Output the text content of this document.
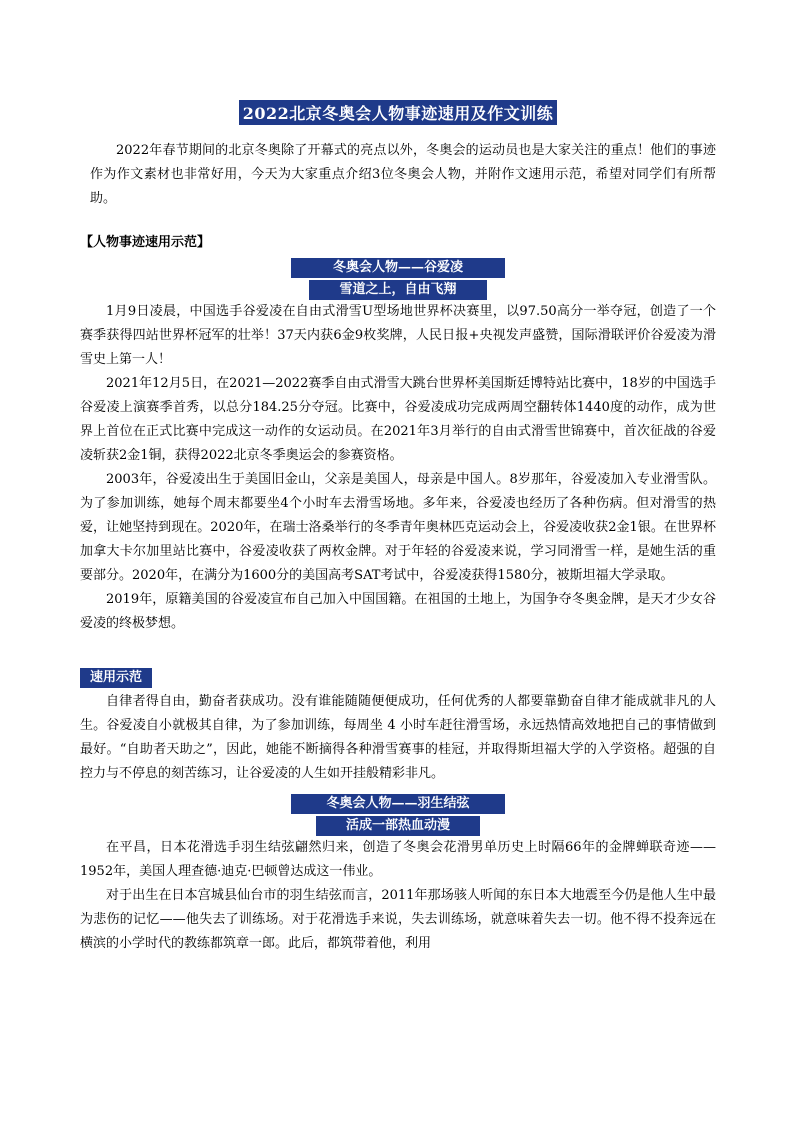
2022北京冬奥会人物事迹速用及作文训练

2022年春节期间的北京冬奥除了开幕式的亮点以外，冬奥会的运动员也是大家关注的重点！他们的事迹作为作文素材也非常好用，今天为大家重点介绍3位冬奥会人物，并附作文速用示范，希望对同学们有所帮助。

【人物事迹速用示范】
冬奥会人物——谷爱凌
雪道之上，自由飞翔

1月9日凌晨，中国选手谷爱凌在自由式滑雪U型场地世界杯决赛里，以97.50高分一举夺冠，创造了一个赛季获得四站世界杯冠军的壮举！37天内获6金9枚奖牌，人民日报+央视发声盛赞，国际滑联评价谷爱凌为滑雪史上第一人！

2021年12月5日，在2021—2022赛季自由式滑雪大跳台世界杯美国斯廷博特站比赛中，18岁的中国选手谷爱凌上演赛季首秀，以总分184.25分夺冠。比赛中，谷爱凌成功完成两周空翻转体1440度的动作，成为世界上首位在正式比赛中完成这一动作的女运动员。在2021年3月举行的自由式滑雪世锦赛中，首次征战的谷爱凌斩获2金1铜，获得2022北京冬季奥运会的参赛资格。

2003年，谷爱凌出生于美国旧金山，父亲是美国人，母亲是中国人。8岁那年，谷爱凌加入专业滑雪队。为了参加训练，她每个周末都要坐4个小时车去滑雪场地。多年来，谷爱凌也经历了各种伤病。但对滑雪的热爱，让她坚持到现在。2020年，在瑞士洛桑举行的冬季青年奥林匹克运动会上，谷爱凌收获2金1银。在世界杯加拿大卡尔加里站比赛中，谷爱凌收获了两枚金牌。对于年轻的谷爱凌来说，学习同滑雪一样，是她生活的重要部分。2020年，在满分为1600分的美国高考SAT考试中，谷爱凌获得1580分，被斯坦福大学录取。

2019年，原籍美国的谷爱凌宣布自己加入中国国籍。在祖国的土地上，为国争夺冬奥金牌，是天才少女谷爱凌的终极梦想。

速用示范

自律者得自由，勤奋者获成功。没有谁能随随便便成功，任何优秀的人都要靠勤奋自律才能成就非凡的人生。谷爱凌自小就极其自律，为了参加训练，每周坐 4 小时车赶往滑雪场，永远热情高效地把自己的事情做到最好。“自助者天助之”，因此，她能不断摘得各种滑雪赛事的桂冠，并取得斯坦福大学的入学资格。超强的自控力与不停息的刻苦练习，让谷爱凌的人生如开挂般精彩非凡。

冬奥会人物——羽生结弦
活成一部热血动漫

在平昌，日本花滑选手羽生结弦翩然归来，创造了冬奥会花滑男单历史上时隔66年的金牌蝉联奇迹——1952年，美国人理查德·迪克·巴顿曾达成这一伟业。

对于出生在日本宫城县仙台市的羽生结弦而言，2011年那场骇人听闻的东日本大地震至今仍是他人生中最为悲伤的记忆——他失去了训练场。对于花滑选手来说，失去训练场，就意味着失去一切。他不得不投奔远在横滨的小学时代的教练都筑章一郎。此后，都筑带着他，利用
